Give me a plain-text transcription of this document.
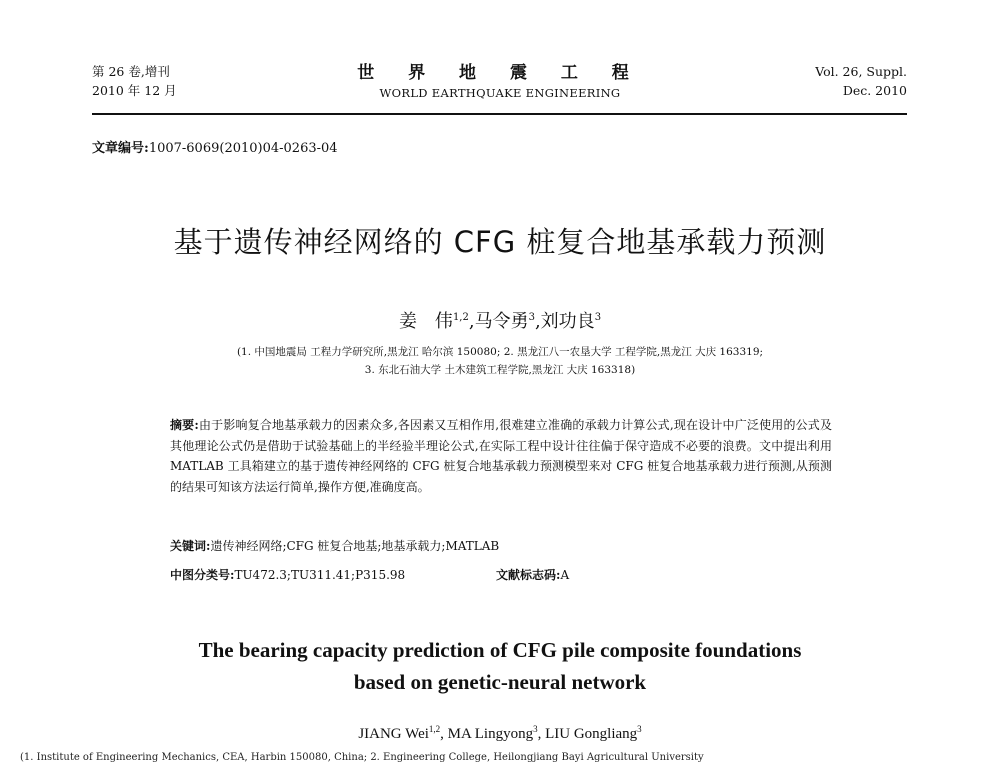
第 26 卷,增刊
2010 年 12 月
世 界 地 震 工 程
WORLD EARTHQUAKE ENGINEERING
Vol. 26, Suppl.
Dec. 2010
文章编号:1007-6069(2010)04-0263-04
基于遗传神经网络的 CFG 桩复合地基承载力预测
姜　伟$^{1,2}$,马令勇$^3$,刘功良$^3$
(1. 中国地震局 工程力学研究所,黑龙江 哈尔滨 150080; 2. 黑龙江八一农垦大学 工程学院,黑龙江 大庆 163319;
3. 东北石油大学 土木建筑工程学院,黑龙江 大庆 163318)
摘要:由于影响复合地基承载力的因素众多,各因素又互相作用,很难建立准确的承载力计算公式,现在设计中广泛使用的公式及其他理论公式仍是借助于试验基础上的半经验半理论公式,在实际工程中设计往往偏于保守造成不必要的浪费。文中提出利用 MATLAB 工具箱建立的基于遗传神经网络的 CFG 桩复合地基承载力预测模型来对 CFG 桩复合地基承载力进行预测,从预测的结果可知该方法运行简单,操作方便,准确度高。
关键词:遗传神经网络;CFG 桩复合地基;地基承载力;MATLAB
中图分类号:TU472.3;TU311.41;P315.98	文献标志码:A
The bearing capacity prediction of CFG pile composite foundations
based on genetic-neural network
JIANG Wei$^{1,2}$, MA Lingyong$^3$, LIU Gongliang$^3$
(1. Institute of Engineering Mechanics, CEA, Harbin 150080, China; 2. Engineering College, Heilongjiang Bayi Agricultural University
